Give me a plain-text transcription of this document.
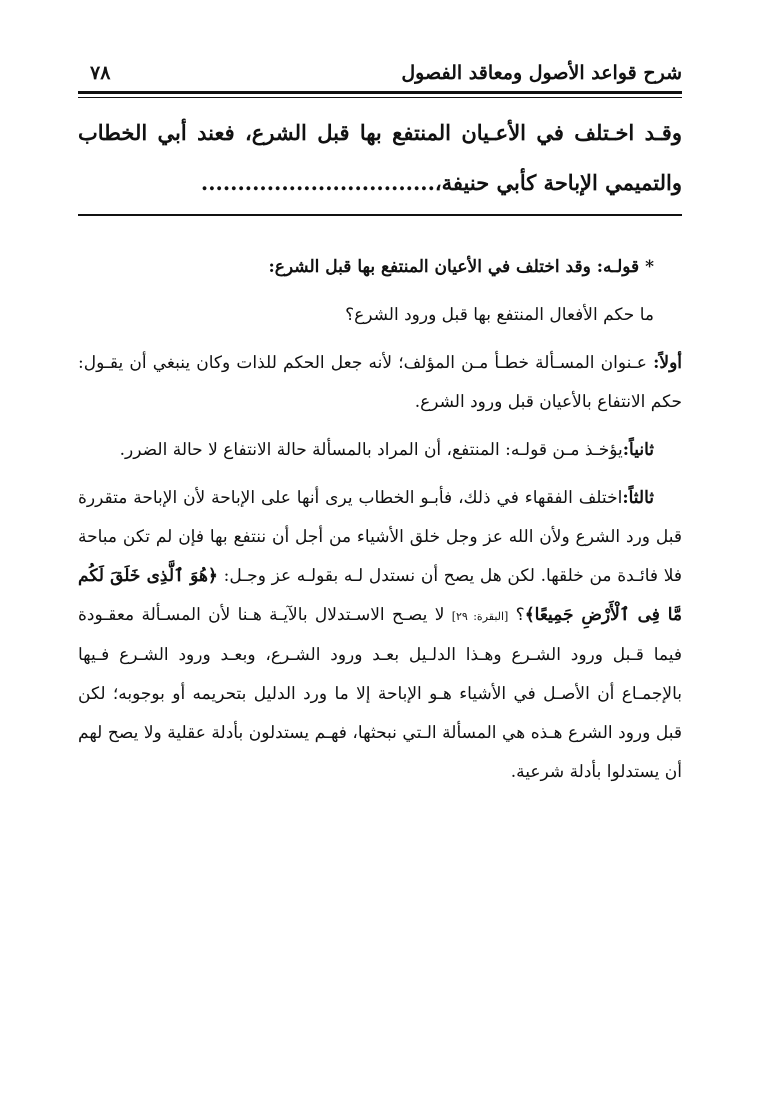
شرح قواعد الأصول ومعاقد الفصول
٧٨

وقـد اخـتلف في الأعـيان المنتفع بها قبل الشرع، فعند أبي الخطاب

والتميمي الإباحة كأبي حنيفة،................................

* قولـه: وقد اختلف في الأعيان المنتفع بها قبل الشرع:

ما حكم الأفعال المنتفع بها قبل ورود الشرع؟

أولاً: عـنوان المسـألة خطـأ مـن المؤلف؛ لأنه جعل الحكم للذات وكان ينبغي أن يقـول: حكم الانتفاع بالأعيان قبل ورود الشرع.

ثانياً:يؤخـذ مـن قولـه: المنتفع، أن المراد بالمسألة حالة الانتفاع لا حالة الضرر.

ثالثاً:اختلف الفقهاء في ذلك، فأبـو الخطاب يرى أنها على الإباحة لأن الإباحة متقررة قبل ورد الشرع ولأن الله عز وجل خلق الأشياء من أجل أن ننتفع بها فإن لم تكن مباحة فلا فائـدة من خلقها. لكن هل يصح أن نستدل لـه بقولـه عز وجـل: ﴿هُوَ ٱلَّذِى خَلَقَ لَكُم مَّا فِى ٱلْأَرْضِ جَمِيعًا﴾؟ [البقرة: ٢٩] لا يصـح الاسـتدلال بالآيـة هـنا لأن المسـألة معقـودة فيما قـبل ورود الشـرع وهـذا الدلـيل بعـد ورود الشـرع، وبعـد ورود الشـرع فـيها بالإجمـاع أن الأصـل في الأشياء هـو الإباحة إلا ما ورد الدليل بتحريمه أو بوجوبه؛ لكن قبل ورود الشرع هـذه هي المسألة الـتي نبحثها، فهـم يستدلون بأدلة عقلية ولا يصح لهم أن يستدلوا بأدلة شرعية.
